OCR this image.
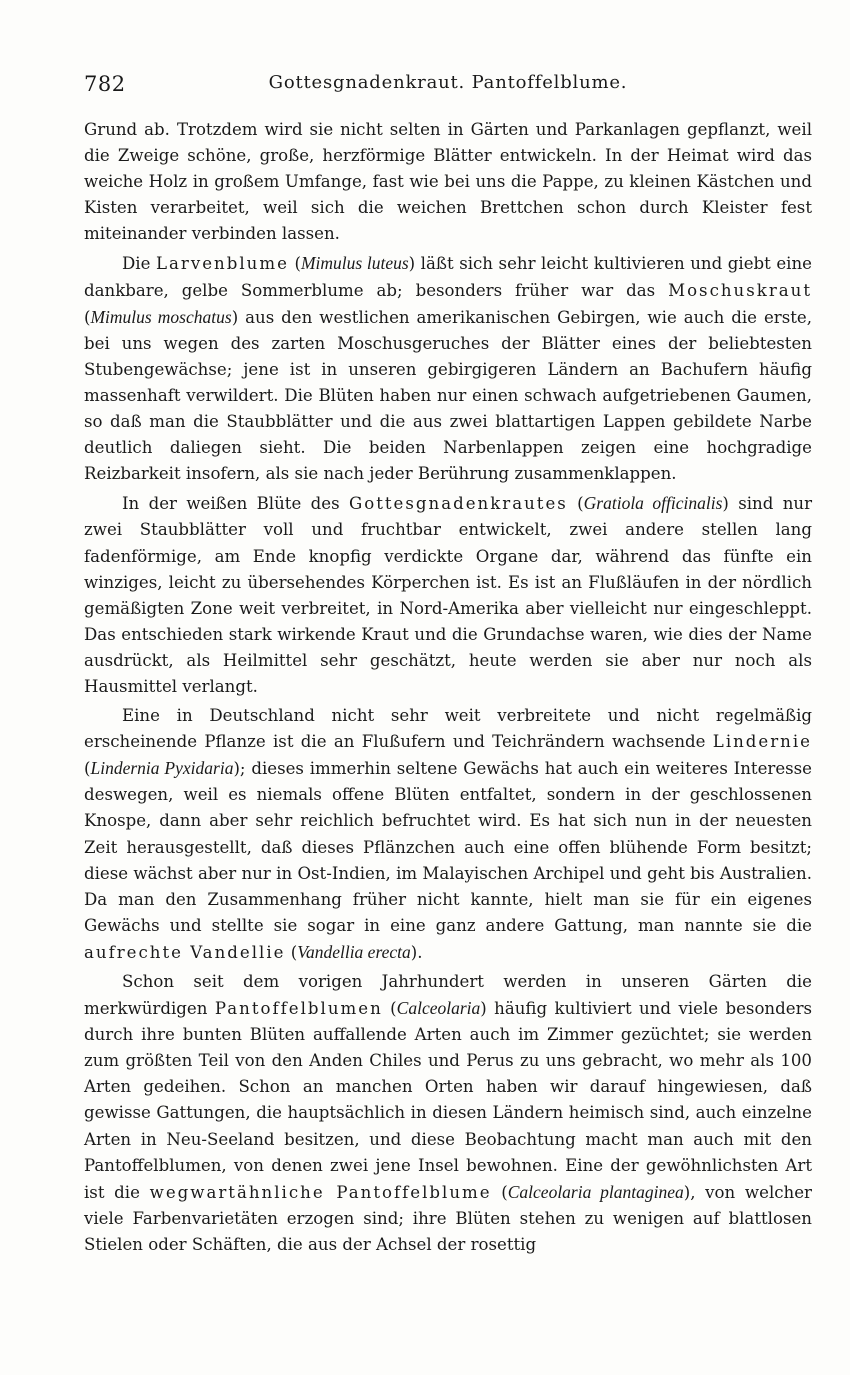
782	Gottesgnadenkraut. Pantoffelblume.

Grund ab. Trotzdem wird sie nicht selten in Gärten und Parkanlagen gepflanzt, weil die Zweige schöne, große, herzförmige Blätter entwickeln. In der Heimat wird das weiche Holz in großem Umfange, fast wie bei uns die Pappe, zu kleinen Kästchen und Kisten verarbeitet, weil sich die weichen Brettchen schon durch Kleister fest miteinander verbinden lassen.

Die Larvenblume (Mimulus luteus) läßt sich sehr leicht kultivieren und giebt eine dankbare, gelbe Sommerblume ab; besonders früher war das Moschuskraut (Mimulus moschatus) aus den westlichen amerikanischen Gebirgen, wie auch die erste, bei uns wegen des zarten Moschusgeruches der Blätter eines der beliebtesten Stubengewächse; jene ist in unseren gebirgigeren Ländern an Bachufern häufig massenhaft verwildert. Die Blüten haben nur einen schwach aufgetriebenen Gaumen, so daß man die Staubblätter und die aus zwei blattartigen Lappen gebildete Narbe deutlich daliegen sieht. Die beiden Narbenlappen zeigen eine hochgradige Reizbarkeit insofern, als sie nach jeder Berührung zusammenklappen.

In der weißen Blüte des Gottesgnadenkrautes (Gratiola officinalis) sind nur zwei Staubblätter voll und fruchtbar entwickelt, zwei andere stellen lang fadenförmige, am Ende knopfig verdickte Organe dar, während das fünfte ein winziges, leicht zu übersehendes Körperchen ist. Es ist an Flußläufen in der nördlich gemäßigten Zone weit verbreitet, in Nord-Amerika aber vielleicht nur eingeschleppt. Das entschieden stark wirkende Kraut und die Grundachse waren, wie dies der Name ausdrückt, als Heilmittel sehr geschätzt, heute werden sie aber nur noch als Hausmittel verlangt.

Eine in Deutschland nicht sehr weit verbreitete und nicht regelmäßig erscheinende Pflanze ist die an Flußufern und Teichrändern wachsende Lindernie (Lindernia Pyxidaria); dieses immerhin seltene Gewächs hat auch ein weiteres Interesse deswegen, weil es niemals offene Blüten entfaltet, sondern in der geschlossenen Knospe, dann aber sehr reichlich befruchtet wird. Es hat sich nun in der neuesten Zeit herausgestellt, daß dieses Pflänzchen auch eine offen blühende Form besitzt; diese wächst aber nur in Ost-Indien, im Malayischen Archipel und geht bis Australien. Da man den Zusammenhang früher nicht kannte, hielt man sie für ein eigenes Gewächs und stellte sie sogar in eine ganz andere Gattung, man nannte sie die aufrechte Vandellie (Vandellia erecta).

Schon seit dem vorigen Jahrhundert werden in unseren Gärten die merkwürdigen Pantoffelblumen (Calceolaria) häufig kultiviert und viele besonders durch ihre bunten Blüten auffallende Arten auch im Zimmer gezüchtet; sie werden zum größten Teil von den Anden Chiles und Perus zu uns gebracht, wo mehr als 100 Arten gedeihen. Schon an manchen Orten haben wir darauf hingewiesen, daß gewisse Gattungen, die hauptsächlich in diesen Ländern heimisch sind, auch einzelne Arten in Neu-Seeland besitzen, und diese Beobachtung macht man auch mit den Pantoffelblumen, von denen zwei jene Insel bewohnen. Eine der gewöhnlichsten Art ist die wegwartähnliche Pantoffelblume (Calceolaria plantaginea), von welcher viele Farbenvarietäten erzogen sind; ihre Blüten stehen zu wenigen auf blattlosen Stielen oder Schäften, die aus der Achsel der rosettig
